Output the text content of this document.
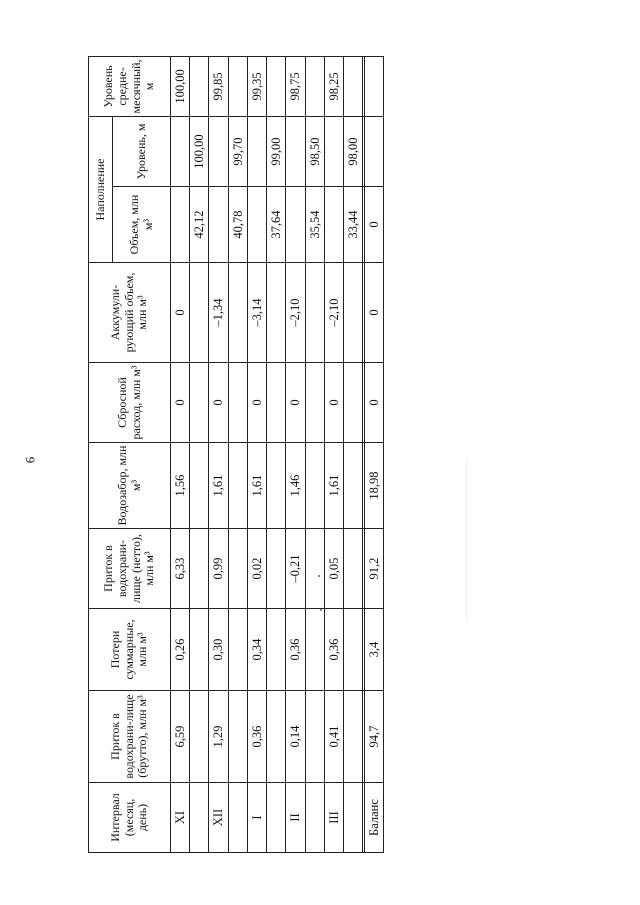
6
Интервал (месяц, день)	Приток в водохрани-лище (брутто), млн м³	Потери суммарные, млн м³	Приток в водохрани-лище (нетто), млн м³	Водозабор, млн м³	Сбросной расход, млн м³	Аккумули-рующий объем, млн м³	Наполнение		Уровень средне-месячный, м
							Объем, млн м³	Уровень, м	
XI	6,59	0,26	6,33	1,56	0	0			100,00
							42,12	100,00	
XII	1,29	0,30	0,99	1,61	0	–1,34			99,85
							40,78	99,70	
I	0,36	0,34	0,02	1,61	0	–3,14			99,35
							37,64	99,00	
II	0,14	0,36	–0,21	1,46	0	–2,10			98,75
							35,54	98,50	
III	0,41	0,36	0,05	1,61	0	–2,10			98,25
							33,44	98,00	

Баланс	94,7	3,4	91,2	18,98	0	0	0		
